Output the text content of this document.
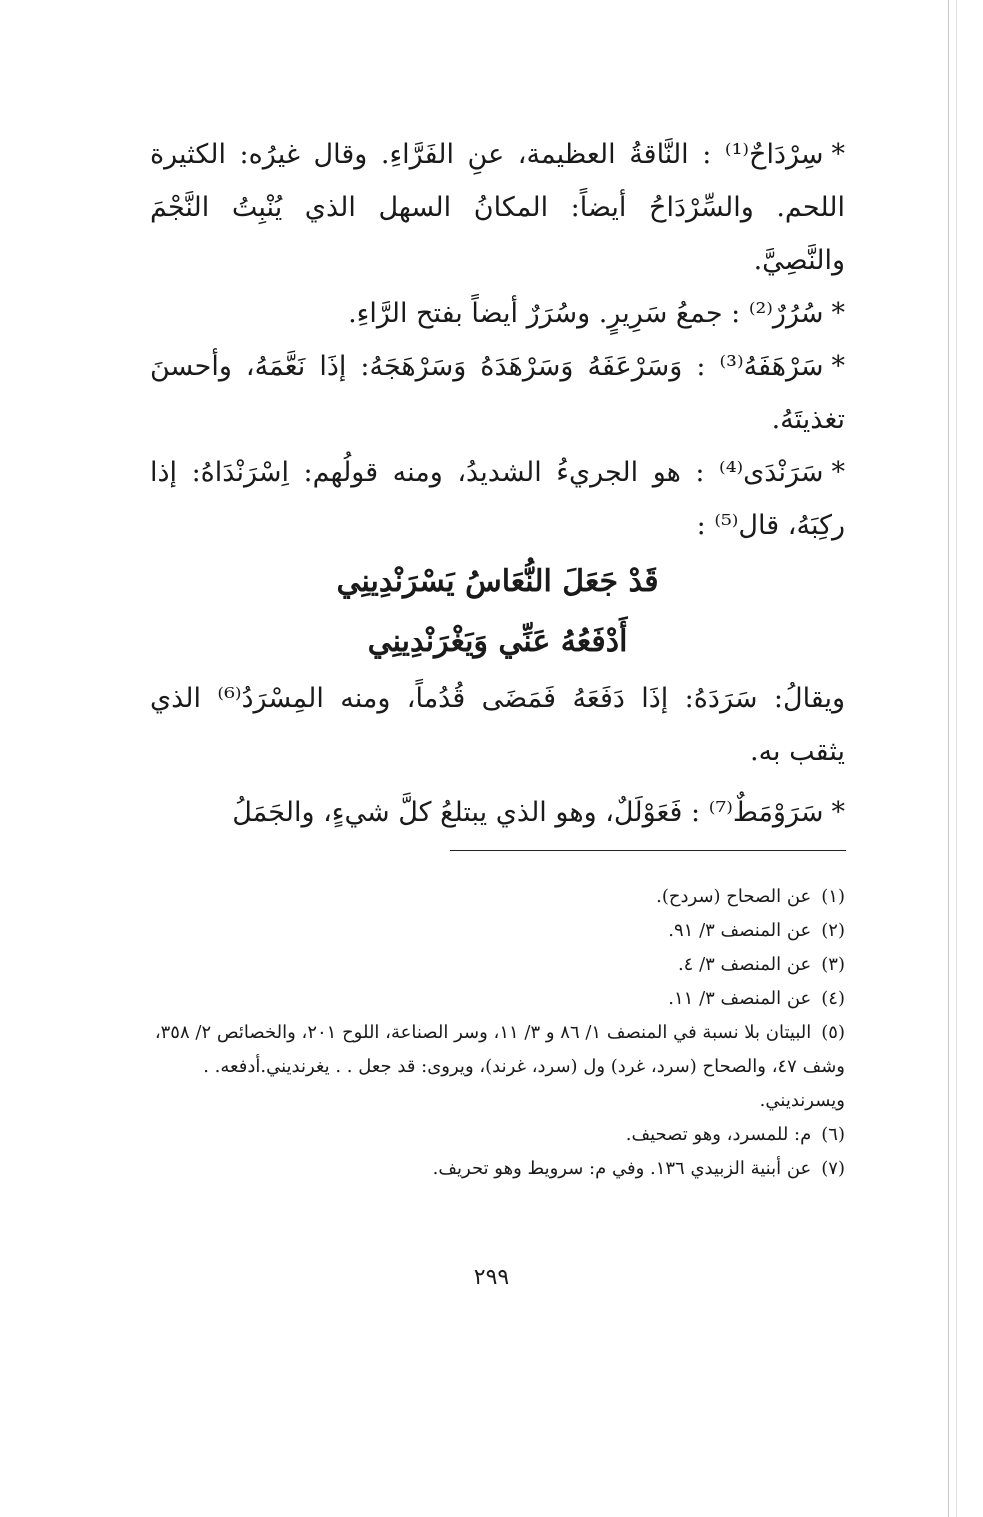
*سِرْدَاحٌ⁽¹⁾ : النَّاقةُ العظيمة، عنِ الفَرَّاءِ. وقال غيرُه: الكثيرة اللحم. والسِّرْدَاحُ أيضاً: المكانُ السهل الذي يُنْبِتُ النَّجْمَ والنَّصِيَّ.

*سُرُرٌ⁽²⁾ : جمعُ سَرِيرٍ. وسُرَرٌ أيضاً بفتح الرَّاءِ.

*سَرْهَفَهُ⁽³⁾ : وَسَرْعَفَهُ وَسَرْهَدَهُ وَسَرْهَجَهُ: إذَا نَعَّمَهُ، وأحسنَ تغذيتَهُ.

*سَرَنْدَى⁽⁴⁾ : هو الجريءُ الشديدُ، ومنه قولُهم: اِسْرَنْدَاهُ: إذا ركِبَهُ، قال⁽⁵⁾ :

قَدْ جَعَلَ النُّعَاسُ يَسْرَنْدِينِي

أَدْفَعُهُ عَنِّي وَيَغْرَنْدِينِي

ويقالُ: سَرَدَهُ: إذَا دَفَعَهُ فَمَضَى قُدُماً، ومنه المِسْرَدُ⁽⁶⁾ الذي يثقب به.

*سَرَوْمَطٌ⁽⁷⁾ : فَعَوْلَلٌ، وهو الذي يبتلعُ كلَّ شيءٍ، والجَمَلُ

(١)عن الصحاح (سردح).

(٢)عن المنصف ٣/ ٩١.

(٣)عن المنصف ٣/ ٤.

(٤)عن المنصف ٣/ ١١.

(٥)البيتان بلا نسبة في المنصف ١/ ٨٦ و ٣/ ١١، وسر الصناعة، اللوح ٢٠١، والخصائص ٢/ ٣٥٨، وشف ٤٧، والصحاح (سرد، غرد) ول (سرد، غرند)، ويروى: قد جعل . . يغرنديني.أدفعه. . ويسرنديني.

(٦)م: للمسرد، وهو تصحيف.

(٧)عن أبنية الزبيدي ١٣٦. وفي م: سرويط وهو تحريف.

٢٩٩
